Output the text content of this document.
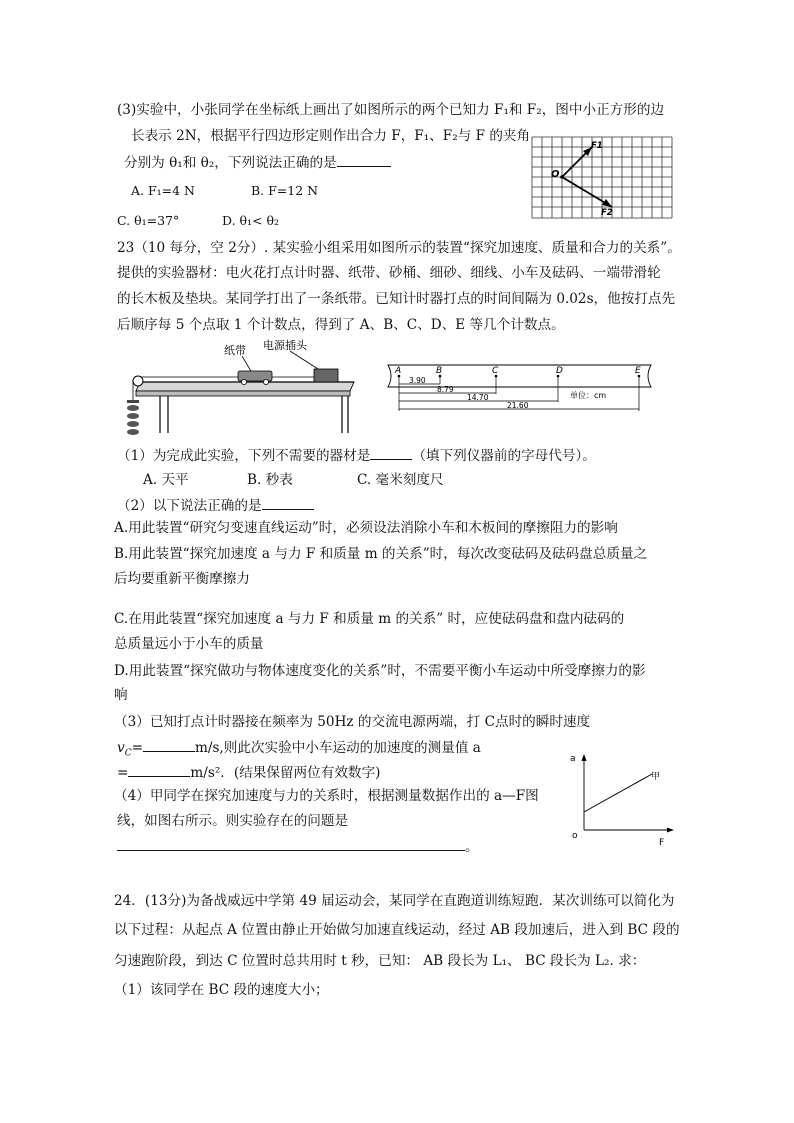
(3)实验中，小张同学在坐标纸上画出了如图所示的两个已知力 F₁和 F₂，图中小正方形的边
长表示 2N，根据平行四边形定则作出合力 F，F₁、F₂与 F 的夹角
分别为 θ₁和 θ₂，下列说法正确的是
A. F₁=4 N	B. F=12 N
C. θ₁=37°	D. θ₁< θ₂
O
F1
F2
23（10 每分，空 2分）. 某实验小组采用如图所示的装置“探究加速度、质量和合力的关系”。
提供的实验器材：电火花打点计时器、纸带、砂桶、细砂、细线、小车及砝码、一端带滑轮
的长木板及垫块。某同学打出了一条纸带。已知计时器打点的时间间隔为 0.02s，他按打点先
后顺序每 5 个点取 1 个计数点，得到了 A、B、C、D、E 等几个计数点。
纸带 电源插头
A	B	C	D	E
3.90
8.79
14.70
21.60
单位：cm
（1）为完成此实验，下列不需要的器材是	（填下列仪器前的字母代号）。
A. 天平	B. 秒表	C. 毫米刻度尺
（2）以下说法正确的是
A.用此装置“研究匀变速直线运动”时，必须设法消除小车和木板间的摩擦阻力的影响
B.用此装置“探究加速度 a 与力 F 和质量 m 的关系”时，每次改变砝码及砝码盘总质量之
后均要重新平衡摩擦力
C.在用此装置“探究加速度 a 与力 F 和质量 m 的关系” 时，应使砝码盘和盘内砝码的
总质量远小于小车的质量
D.用此装置“探究做功与物体速度变化的关系”时，不需要平衡小车运动中所受摩擦力的影
响
（3）已知打点计时器接在频率为 50Hz 的交流电源两端，打 C点时的瞬时速度
$v_C=$	m/s,则此次实验中小车运动的加速度的测量值 a
=	m/s²．(结果保留两位有效数字)
（4）甲同学在探究加速度与力的关系时，根据测量数据作出的 a—F图
线，如图右所示。则实验存在的问题是
。
a
F
o
甲
24．(13分)为备战威远中学第 49 届运动会，某同学在直跑道训练短跑．某次训练可以简化为
以下过程：从起点 A 位置由静止开始做匀加速直线运动，经过 AB 段加速后，进入到 BC 段的
匀速跑阶段，到达 C 位置时总共用时 t 秒，已知： AB 段长为 L₁、 BC 段长为 L₂. 求：
（1）该同学在 BC 段的速度大小；
